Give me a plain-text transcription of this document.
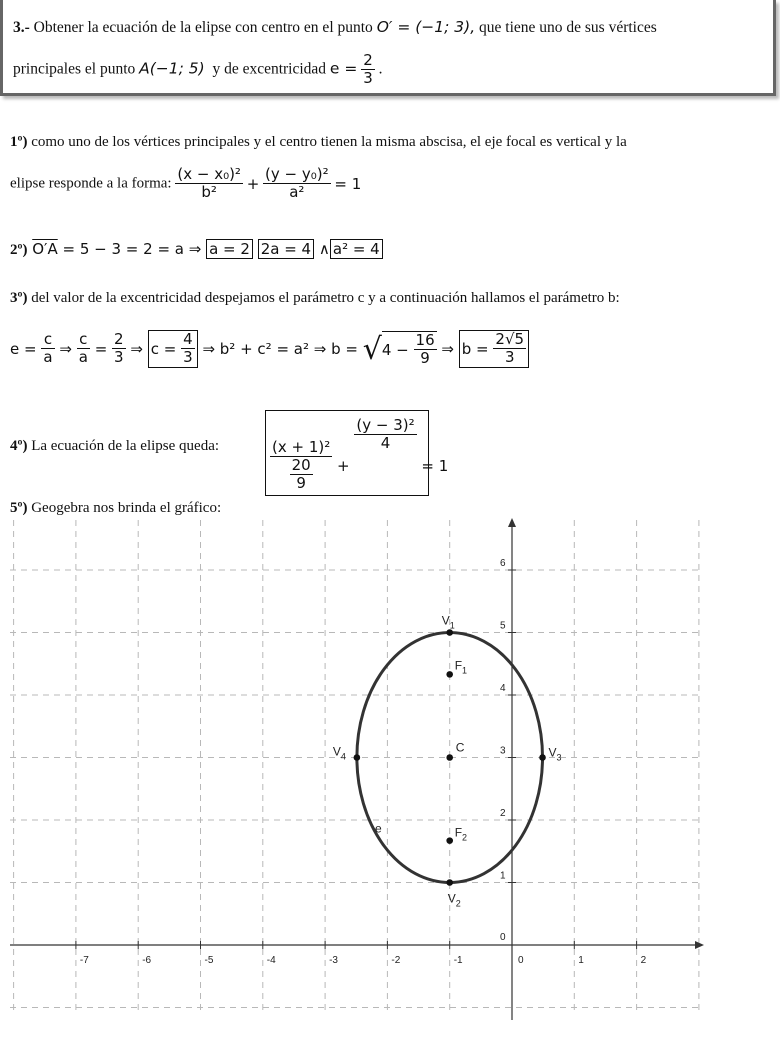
3.- Obtener la ecuación de la elipse con centro en el punto O′ = (−1; 3), que tiene uno de sus vértices
principales el punto A(−1; 5) y de excentricidad $e = \frac{2}{3}$ .
1º) como uno de los vértices principales y el centro tienen la misma abscisa, el eje focal es vertical y la
elipse responde a la forma: $\frac{\text{(x − x₀)²}}{\text{b²}} + \frac{\text{(y − y₀)²}}{\text{a²}} = 1$
2º) O′A = 5 − 3 = 2 = a ⇒ a = 2 2a = 4 ∧ a² = 4
3º) del valor de la excentricidad despejamos el parámetro c y a continuación hallamos el parámetro b:
$e = \frac{c}{a}$ ⇒ $\frac{c}{a} = \frac{2}{3}$ ⇒ $c = \frac{4}{3}$ ⇒ b² + c² = a² ⇒ $b = √4 - \frac{16}{9}$ ⇒ $b = \frac{2√5}{3}$
4º) La ecuación de la elipse queda:	$\frac{\text{(x + 1)²}}{\frac{20}{9}}$ +
$\frac{\text{(y − 3)²}}{4}$
= 1
5º) Geogebra nos brinda el gráfico:
-7	-6	-5	-4	-3	-2	-1	0	1	2
0
1
2
3
4
5
6
e
$V_1$
$V_2$
$V_3$
$V_4$
$F_1$
$F_2$
C
